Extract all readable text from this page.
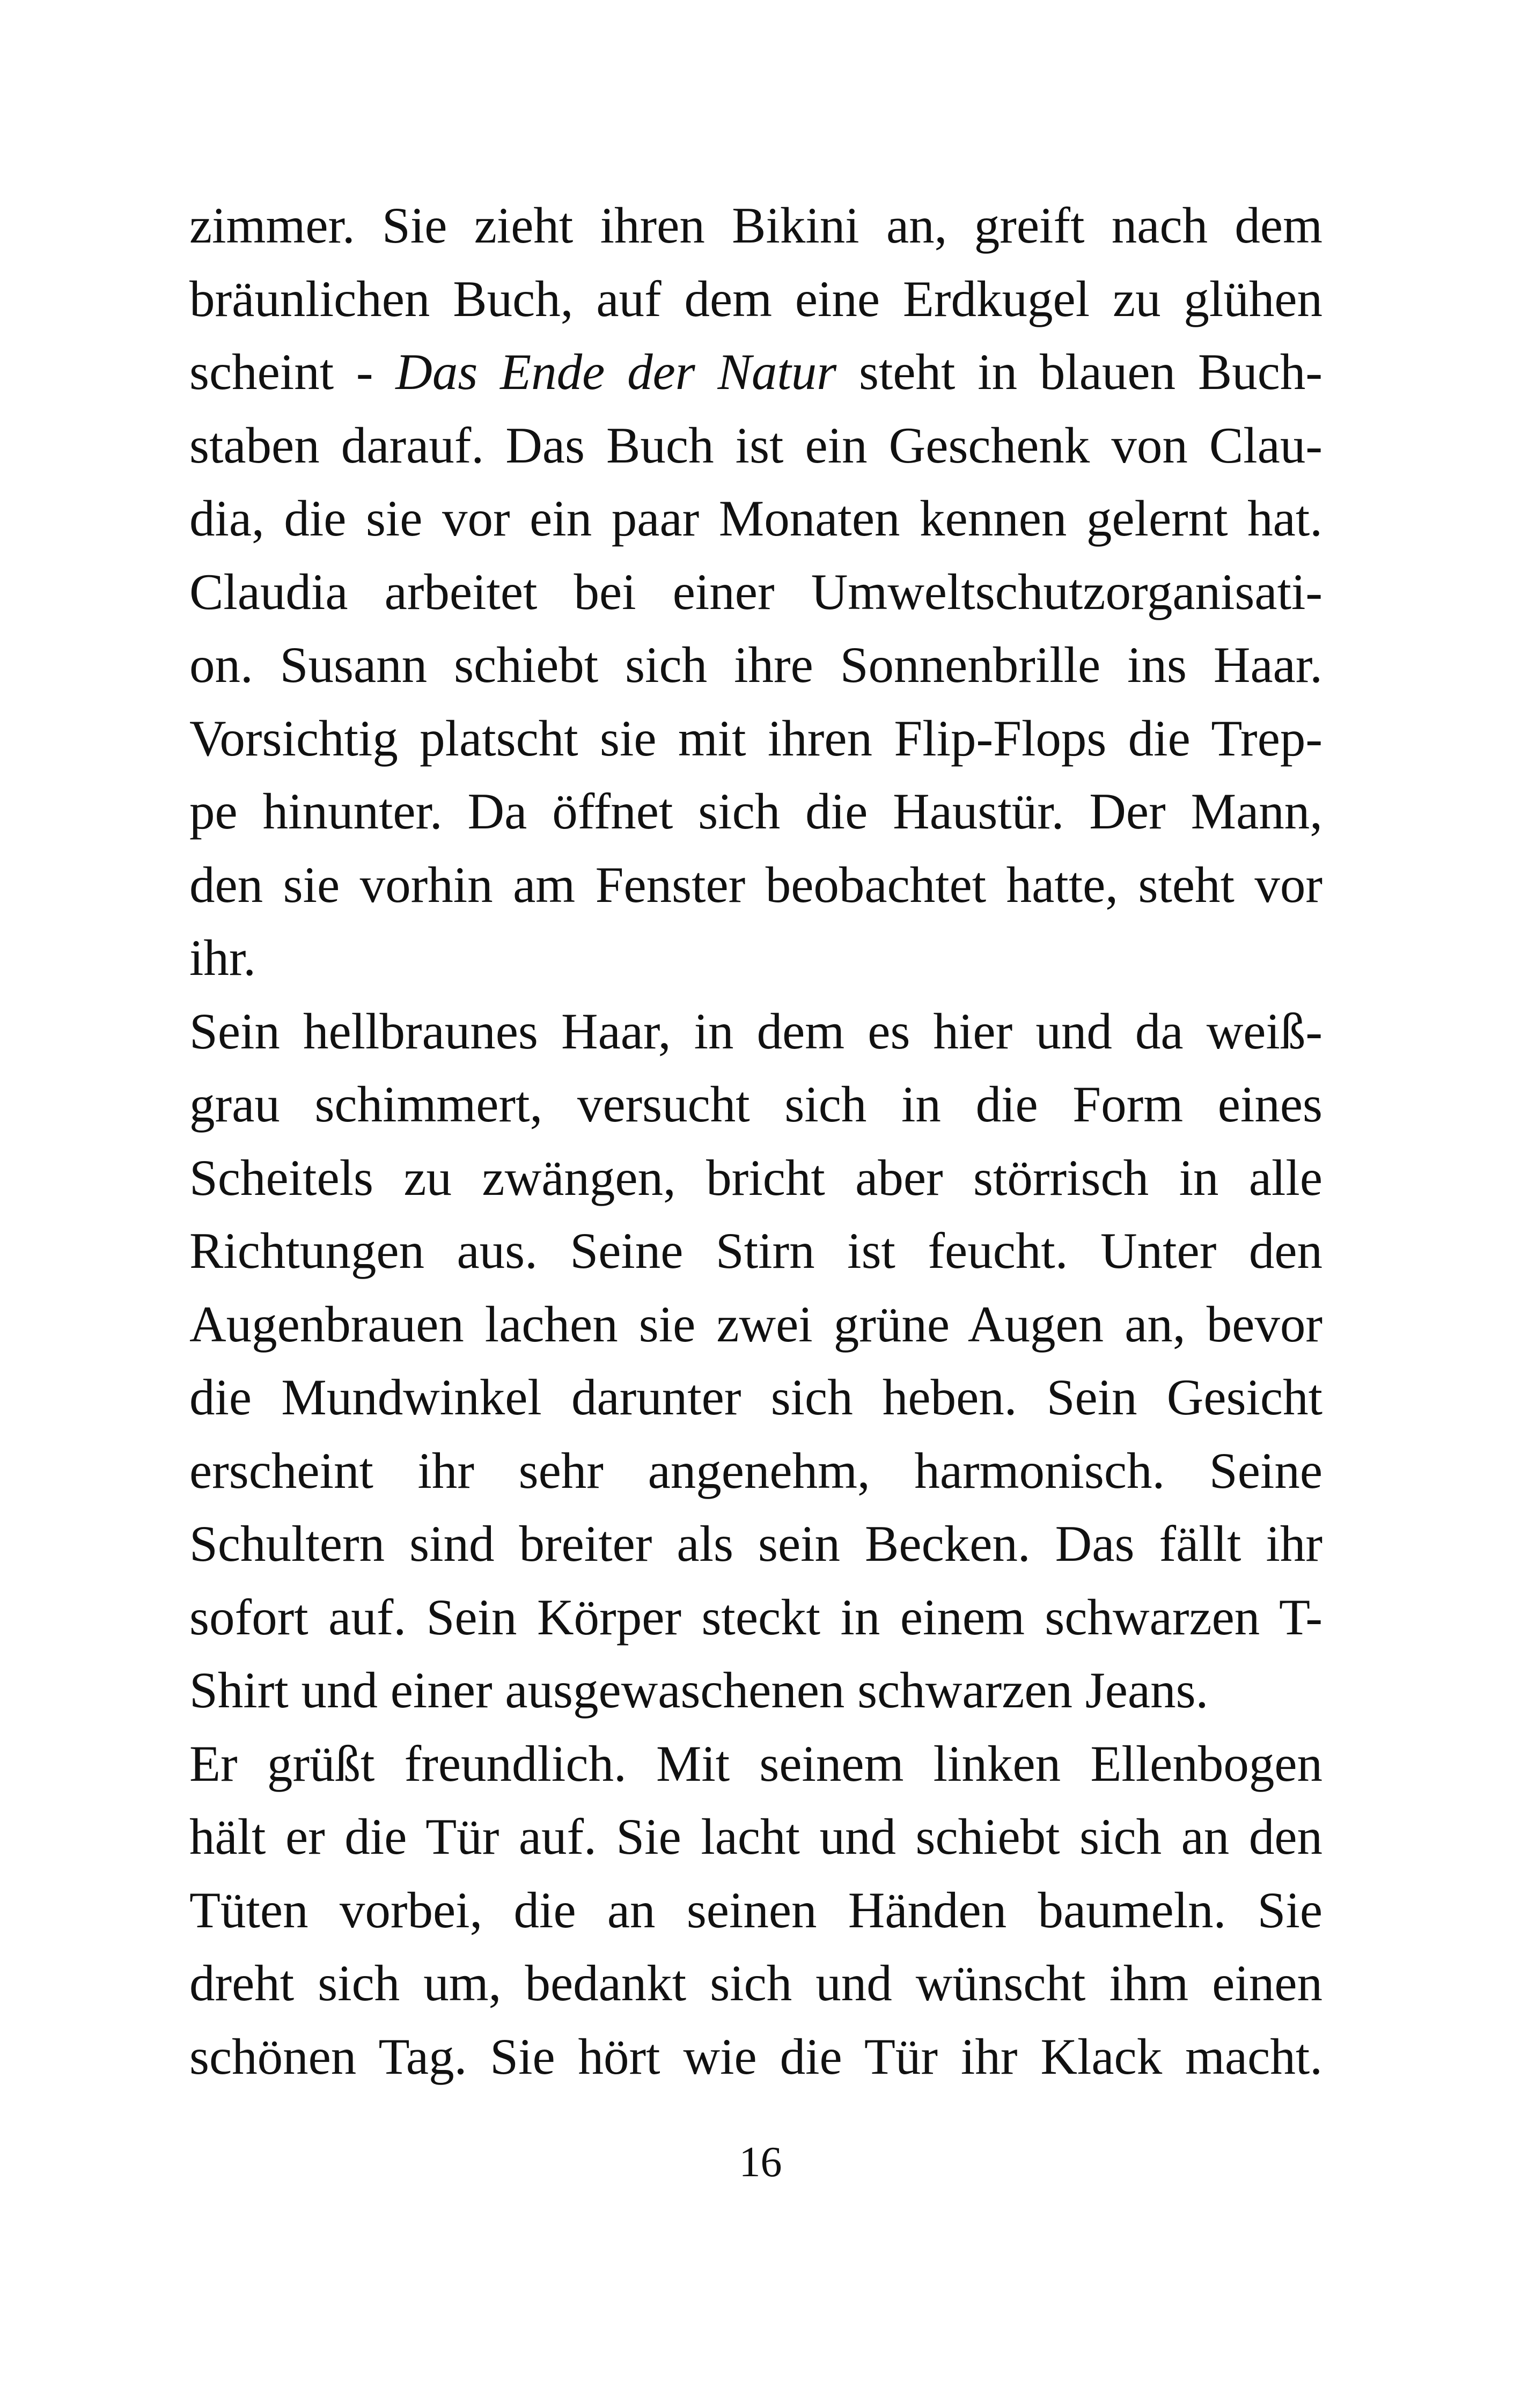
zimmer. Sie zieht ihren Bikini an, greift nach dem
bräunlichen Buch, auf dem eine Erdkugel zu glühen
scheint - Das Ende der Natur steht in blauen Buch-
staben darauf. Das Buch ist ein Geschenk von Clau-
dia, die sie vor ein paar Monaten kennen gelernt hat.
Claudia arbeitet bei einer Umweltschutzorganisati-
on. Susann schiebt sich ihre Sonnenbrille ins Haar.
Vorsichtig platscht sie mit ihren Flip-Flops die Trep-
pe hinunter. Da öffnet sich die Haustür. Der Mann,
den sie vorhin am Fenster beobachtet hatte, steht vor
ihr.
Sein hellbraunes Haar, in dem es hier und da weiß-
grau schimmert, versucht sich in die Form eines
Scheitels zu zwängen, bricht aber störrisch in alle
Richtungen aus. Seine Stirn ist feucht. Unter den
Augenbrauen lachen sie zwei grüne Augen an, bevor
die Mundwinkel darunter sich heben. Sein Gesicht
erscheint ihr sehr angenehm, harmonisch. Seine
Schultern sind breiter als sein Becken. Das fällt ihr
sofort auf. Sein Körper steckt in einem schwarzen T-
Shirt und einer ausgewaschenen schwarzen Jeans.
Er grüßt freundlich. Mit seinem linken Ellenbogen
hält er die Tür auf. Sie lacht und schiebt sich an den
Tüten vorbei, die an seinen Händen baumeln. Sie
dreht sich um, bedankt sich und wünscht ihm einen
schönen Tag. Sie hört wie die Tür ihr Klack macht.
16
